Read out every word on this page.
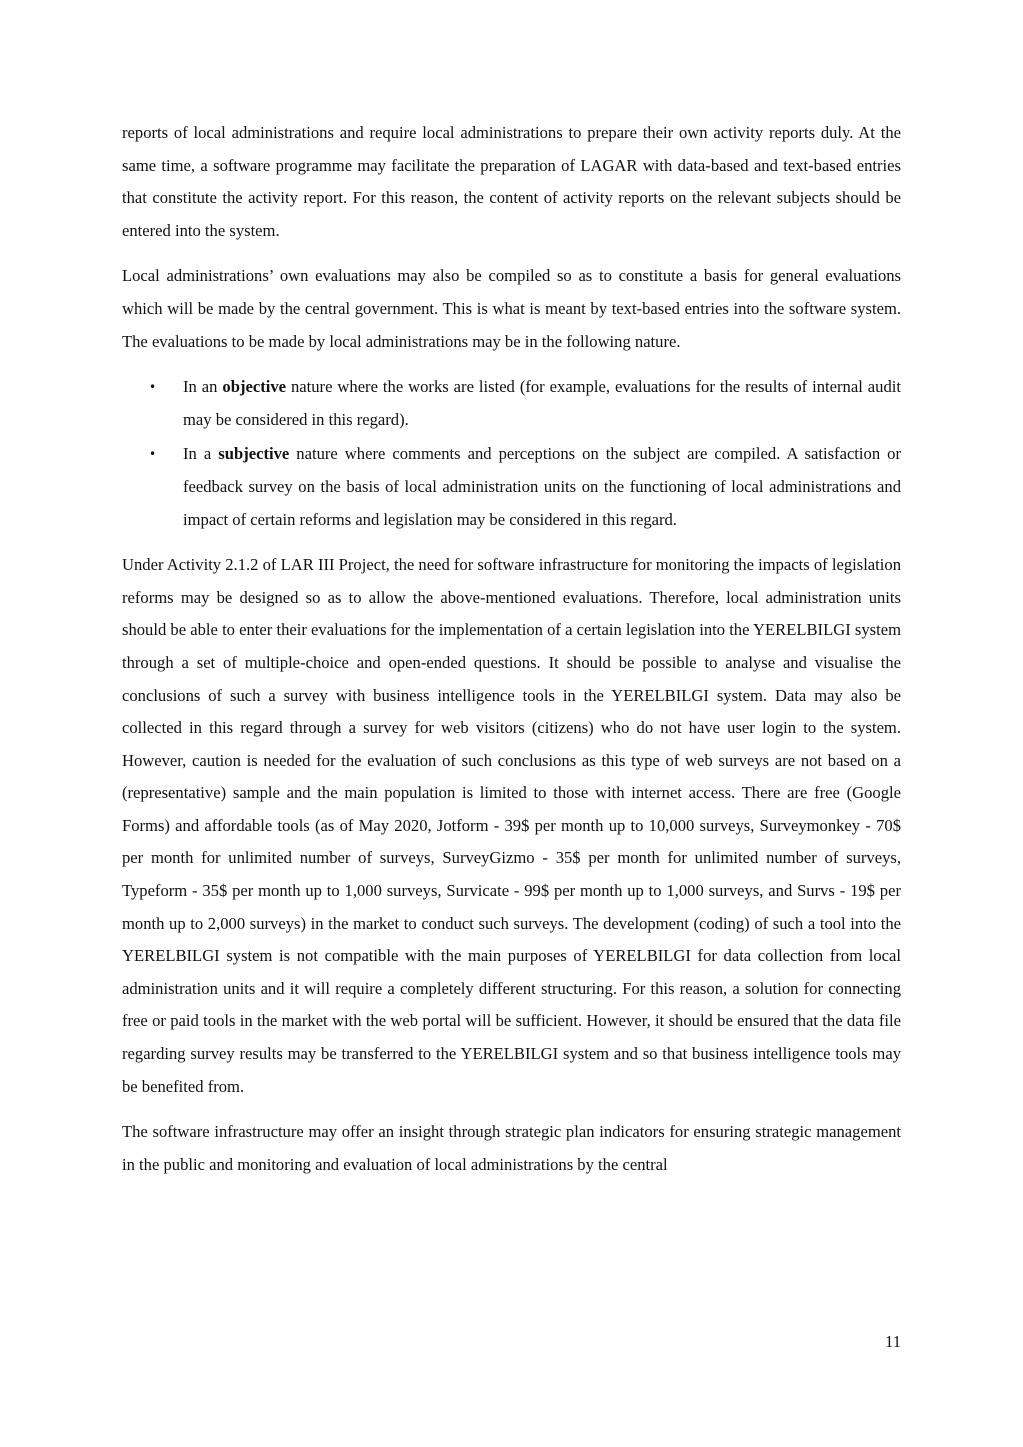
reports of local administrations and require local administrations to prepare their own activity reports duly. At the same time, a software programme may facilitate the preparation of LAGAR with data-based and text-based entries that constitute the activity report. For this reason, the content of activity reports on the relevant subjects should be entered into the system.

Local administrations’ own evaluations may also be compiled so as to constitute a basis for general evaluations which will be made by the central government. This is what is meant by text-based entries into the software system. The evaluations to be made by local administrations may be in the following nature.

• In an objective nature where the works are listed (for example, evaluations for the results of internal audit may be considered in this regard).
• In a subjective nature where comments and perceptions on the subject are compiled. A satisfaction or feedback survey on the basis of local administration units on the functioning of local administrations and impact of certain reforms and legislation may be considered in this regard.

Under Activity 2.1.2 of LAR III Project, the need for software infrastructure for monitoring the impacts of legislation reforms may be designed so as to allow the above-mentioned evaluations. Therefore, local administration units should be able to enter their evaluations for the implementation of a certain legislation into the YERELBILGI system through a set of multiple-choice and open-ended questions. It should be possible to analyse and visualise the conclusions of such a survey with business intelligence tools in the YERELBILGI system. Data may also be collected in this regard through a survey for web visitors (citizens) who do not have user login to the system. However, caution is needed for the evaluation of such conclusions as this type of web surveys are not based on a (representative) sample and the main population is limited to those with internet access. There are free (Google Forms) and affordable tools (as of May 2020, Jotform - 39$ per month up to 10,000 surveys, Surveymonkey - 70$ per month for unlimited number of surveys, SurveyGizmo - 35$ per month for unlimited number of surveys, Typeform - 35$ per month up to 1,000 surveys, Survicate - 99$ per month up to 1,000 surveys, and Survs - 19$ per month up to 2,000 surveys) in the market to conduct such surveys. The development (coding) of such a tool into the YERELBILGI system is not compatible with the main purposes of YERELBILGI for data collection from local administration units and it will require a completely different structuring. For this reason, a solution for connecting free or paid tools in the market with the web portal will be sufficient. However, it should be ensured that the data file regarding survey results may be transferred to the YERELBILGI system and so that business intelligence tools may be benefited from.

The software infrastructure may offer an insight through strategic plan indicators for ensuring strategic management in the public and monitoring and evaluation of local administrations by the central

11
